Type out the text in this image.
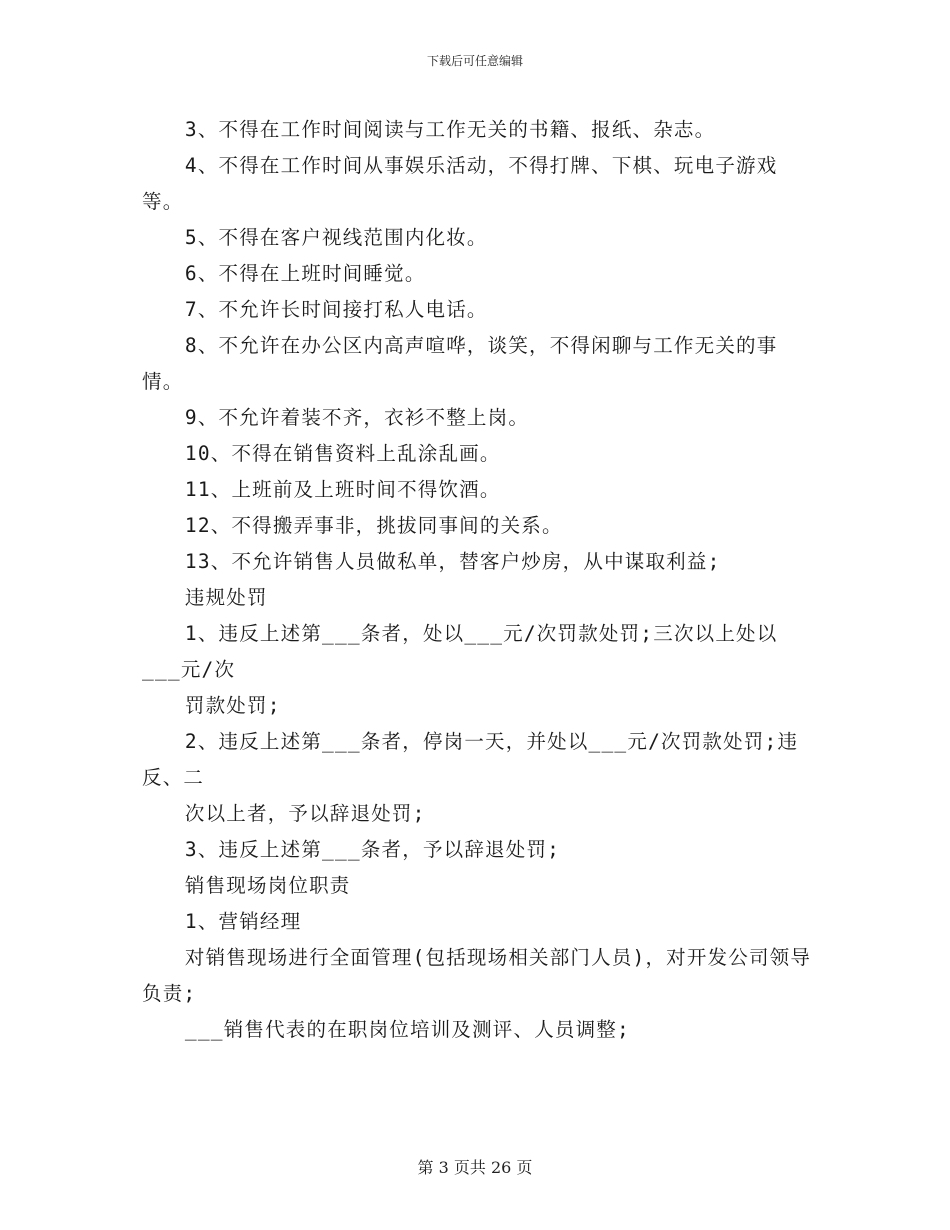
下载后可任意编辑

3、不得在工作时间阅读与工作无关的书籍、报纸、杂志。

4、不得在工作时间从事娱乐活动，不得打牌、下棋、玩电子游戏等。

5、不得在客户视线范围内化妆。

6、不得在上班时间睡觉。

7、不允许长时间接打私人电话。

8、不允许在办公区内高声喧哗，谈笑，不得闲聊与工作无关的事情。

9、不允许着装不齐，衣衫不整上岗。

10、不得在销售资料上乱涂乱画。

11、上班前及上班时间不得饮酒。

12、不得搬弄事非，挑拔同事间的关系。

13、不允许销售人员做私单，替客户炒房，从中谋取利益;

违规处罚

1、违反上述第___条者，处以___元/次罚款处罚;三次以上处以___元/次

罚款处罚;

2、违反上述第___条者，停岗一天，并处以___元/次罚款处罚;违反、二

次以上者，予以辞退处罚;

3、违反上述第___条者，予以辞退处罚;

销售现场岗位职责

1、营销经理

对销售现场进行全面管理(包括现场相关部门人员)，对开发公司领导负责;

___销售代表的在职岗位培训及测评、人员调整;

第 3 页共 26 页
